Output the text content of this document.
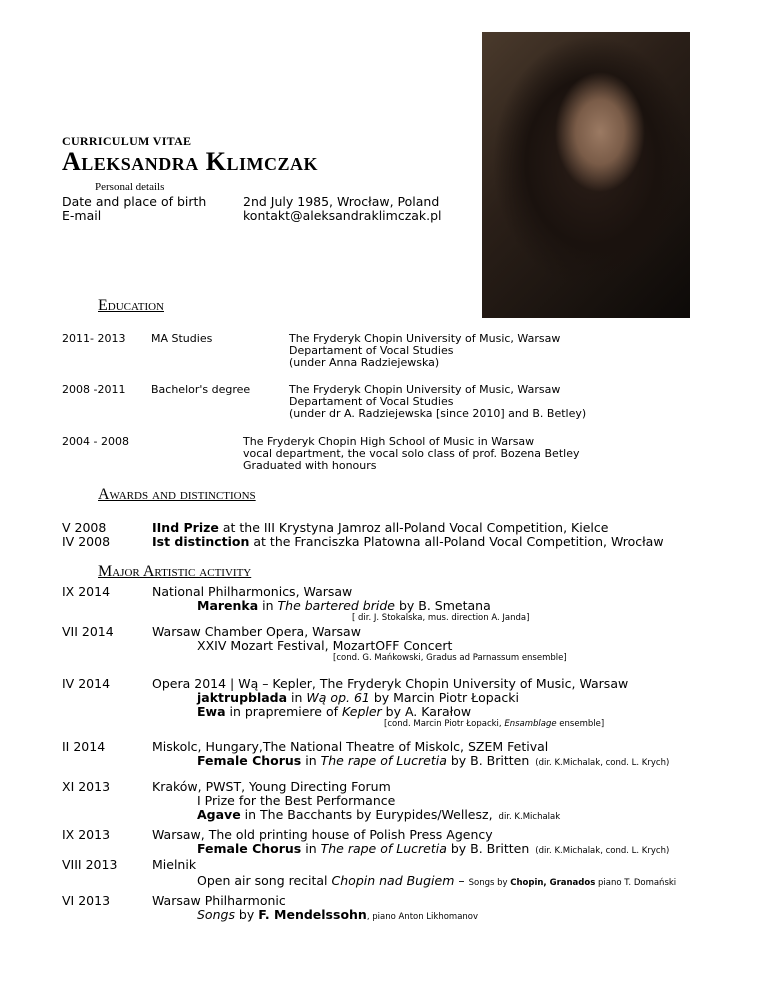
CURRICULUM VITAE
Aleksandra Klimczak
Personal details
Date and place of birth	2nd July 1985, Wrocław, Poland
E-mail	kontakt@aleksandraklimczak.pl
Education
2011- 2013 MA Studies	The Fryderyk Chopin University of Music, Warsaw
Departament of Vocal Studies
(under Anna Radziejewska)
2008 -2011 Bachelor's degree	The Fryderyk Chopin University of Music, Warsaw
Departament of Vocal Studies
(under dr A. Radziejewska [since 2010] and B. Betley)
2004 - 2008	The Fryderyk Chopin High School of Music in Warsaw
vocal department, the vocal solo class of prof. Bozena Betley
Graduated with honours
Awards and distinctions
V 2008	IInd Prize at the III Krystyna Jamroz all-Poland Vocal Competition, Kielce
IV 2008	Ist distinction at the Franciszka Platowna all-Poland Vocal Competition, Wrocław
Major Artistic activity
IX 2014	National Philharmonics, Warsaw
Marenka in The bartered bride by B. Smetana
[ dir. J. Stokalska, mus. direction A. Janda]
VII 2014	Warsaw Chamber Opera, Warsaw
XXIV Mozart Festival, MozartOFF Concert
[cond. G. Mańkowski, Gradus ad Parnassum ensemble]
IV 2014	Opera 2014 | Wą – Kepler, The Fryderyk Chopin University of Music, Warsaw
jaktrupblada in Wą op. 61 by Marcin Piotr Łopacki
Ewa in prapremiere of Kepler by A. Karałow
[cond. Marcin Piotr Łopacki, Ensamblage ensemble]
II 2014	Miskolc, Hungary,The National Theatre of Miskolc, SZEM Fetival
Female Chorus in The rape of Lucretia by B. Britten (dir. K.Michalak, cond. L. Krych)
XI 2013	Kraków, PWST, Young Directing Forum
I Prize for the Best Performance
Agave in The Bacchants by Eurypides/Wellesz, dir. K.Michalak
IX 2013	Warsaw, The old printing house of Polish Press Agency
Female Chorus in The rape of Lucretia by B. Britten (dir. K.Michalak, cond. L. Krych)
VIII 2013	Mielnik
Open air song recital Chopin nad Bugiem – Songs by Chopin, Granados piano T. Domański
VI 2013	Warsaw Philharmonic
Songs by F. Mendelssohn, piano Anton Likhomanov
